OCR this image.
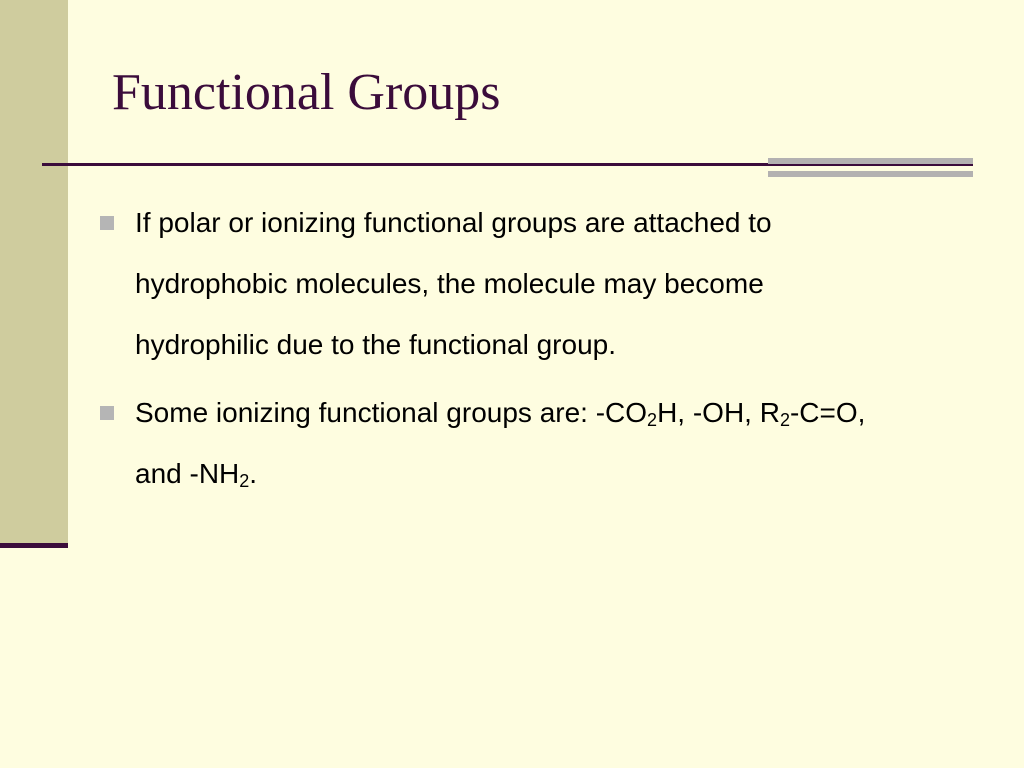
Functional Groups
If polar or ionizing functional groups are attached to hydrophobic molecules, the molecule may become hydrophilic due to the functional group.
Some ionizing functional groups are: $-CO_2H$, -OH, $R_2-C=O$, and $-NH_2$.
